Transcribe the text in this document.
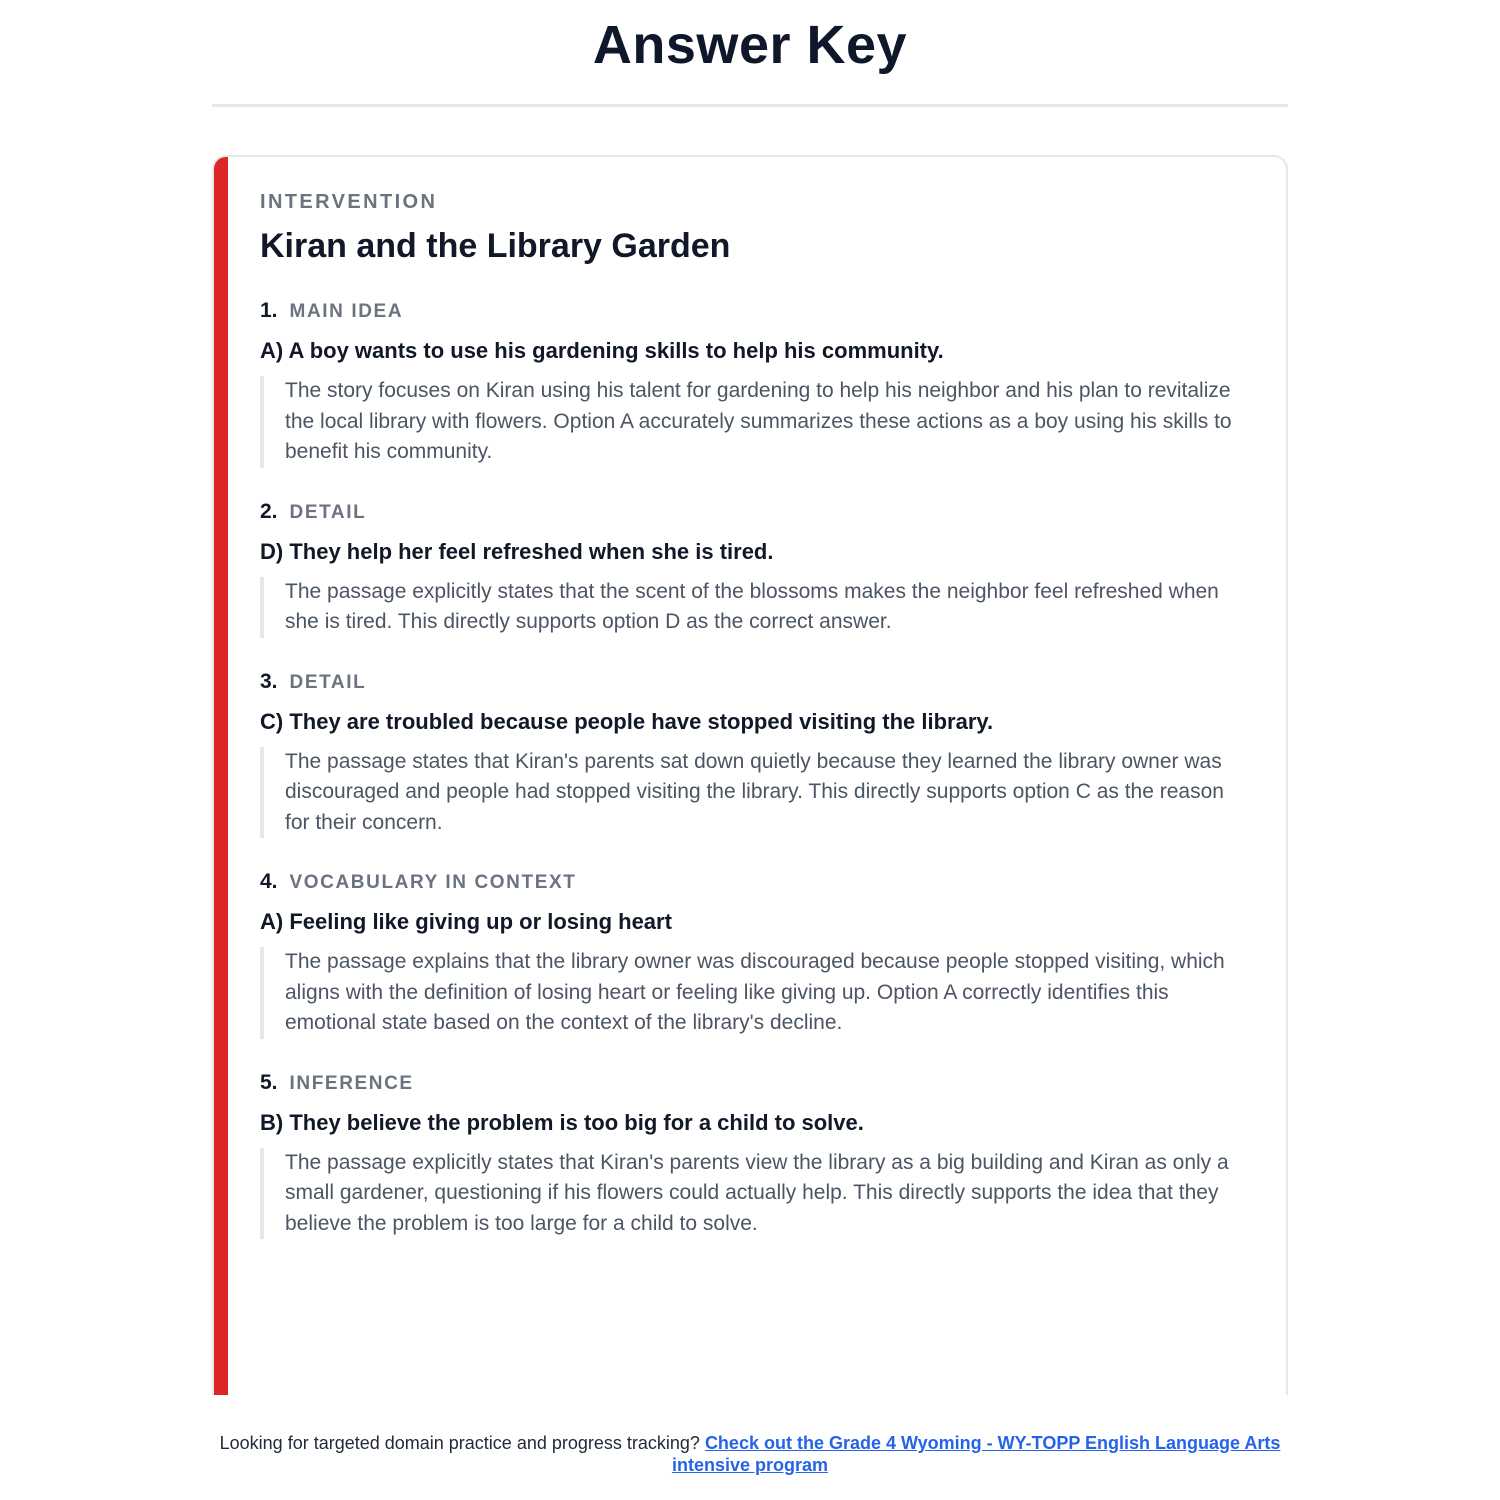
Answer Key
INTERVENTION
Kiran and the Library Garden
1. MAIN IDEA
A) A boy wants to use his gardening skills to help his community.
The story focuses on Kiran using his talent for gardening to help his neighbor and his plan to revitalize the local library with flowers. Option A accurately summarizes these actions as a boy using his skills to benefit his community.
2. DETAIL
D) They help her feel refreshed when she is tired.
The passage explicitly states that the scent of the blossoms makes the neighbor feel refreshed when she is tired. This directly supports option D as the correct answer.
3. DETAIL
C) They are troubled because people have stopped visiting the library.
The passage states that Kiran's parents sat down quietly because they learned the library owner was discouraged and people had stopped visiting the library. This directly supports option C as the reason for their concern.
4. VOCABULARY IN CONTEXT
A) Feeling like giving up or losing heart
The passage explains that the library owner was discouraged because people stopped visiting, which aligns with the definition of losing heart or feeling like giving up. Option A correctly identifies this emotional state based on the context of the library's decline.
5. INFERENCE
B) They believe the problem is too big for a child to solve.
The passage explicitly states that Kiran's parents view the library as a big building and Kiran as only a small gardener, questioning if his flowers could actually help. This directly supports the idea that they believe the problem is too large for a child to solve.
Looking for targeted domain practice and progress tracking? Check out the Grade 4 Wyoming - WY-TOPP English Language Arts intensive program
